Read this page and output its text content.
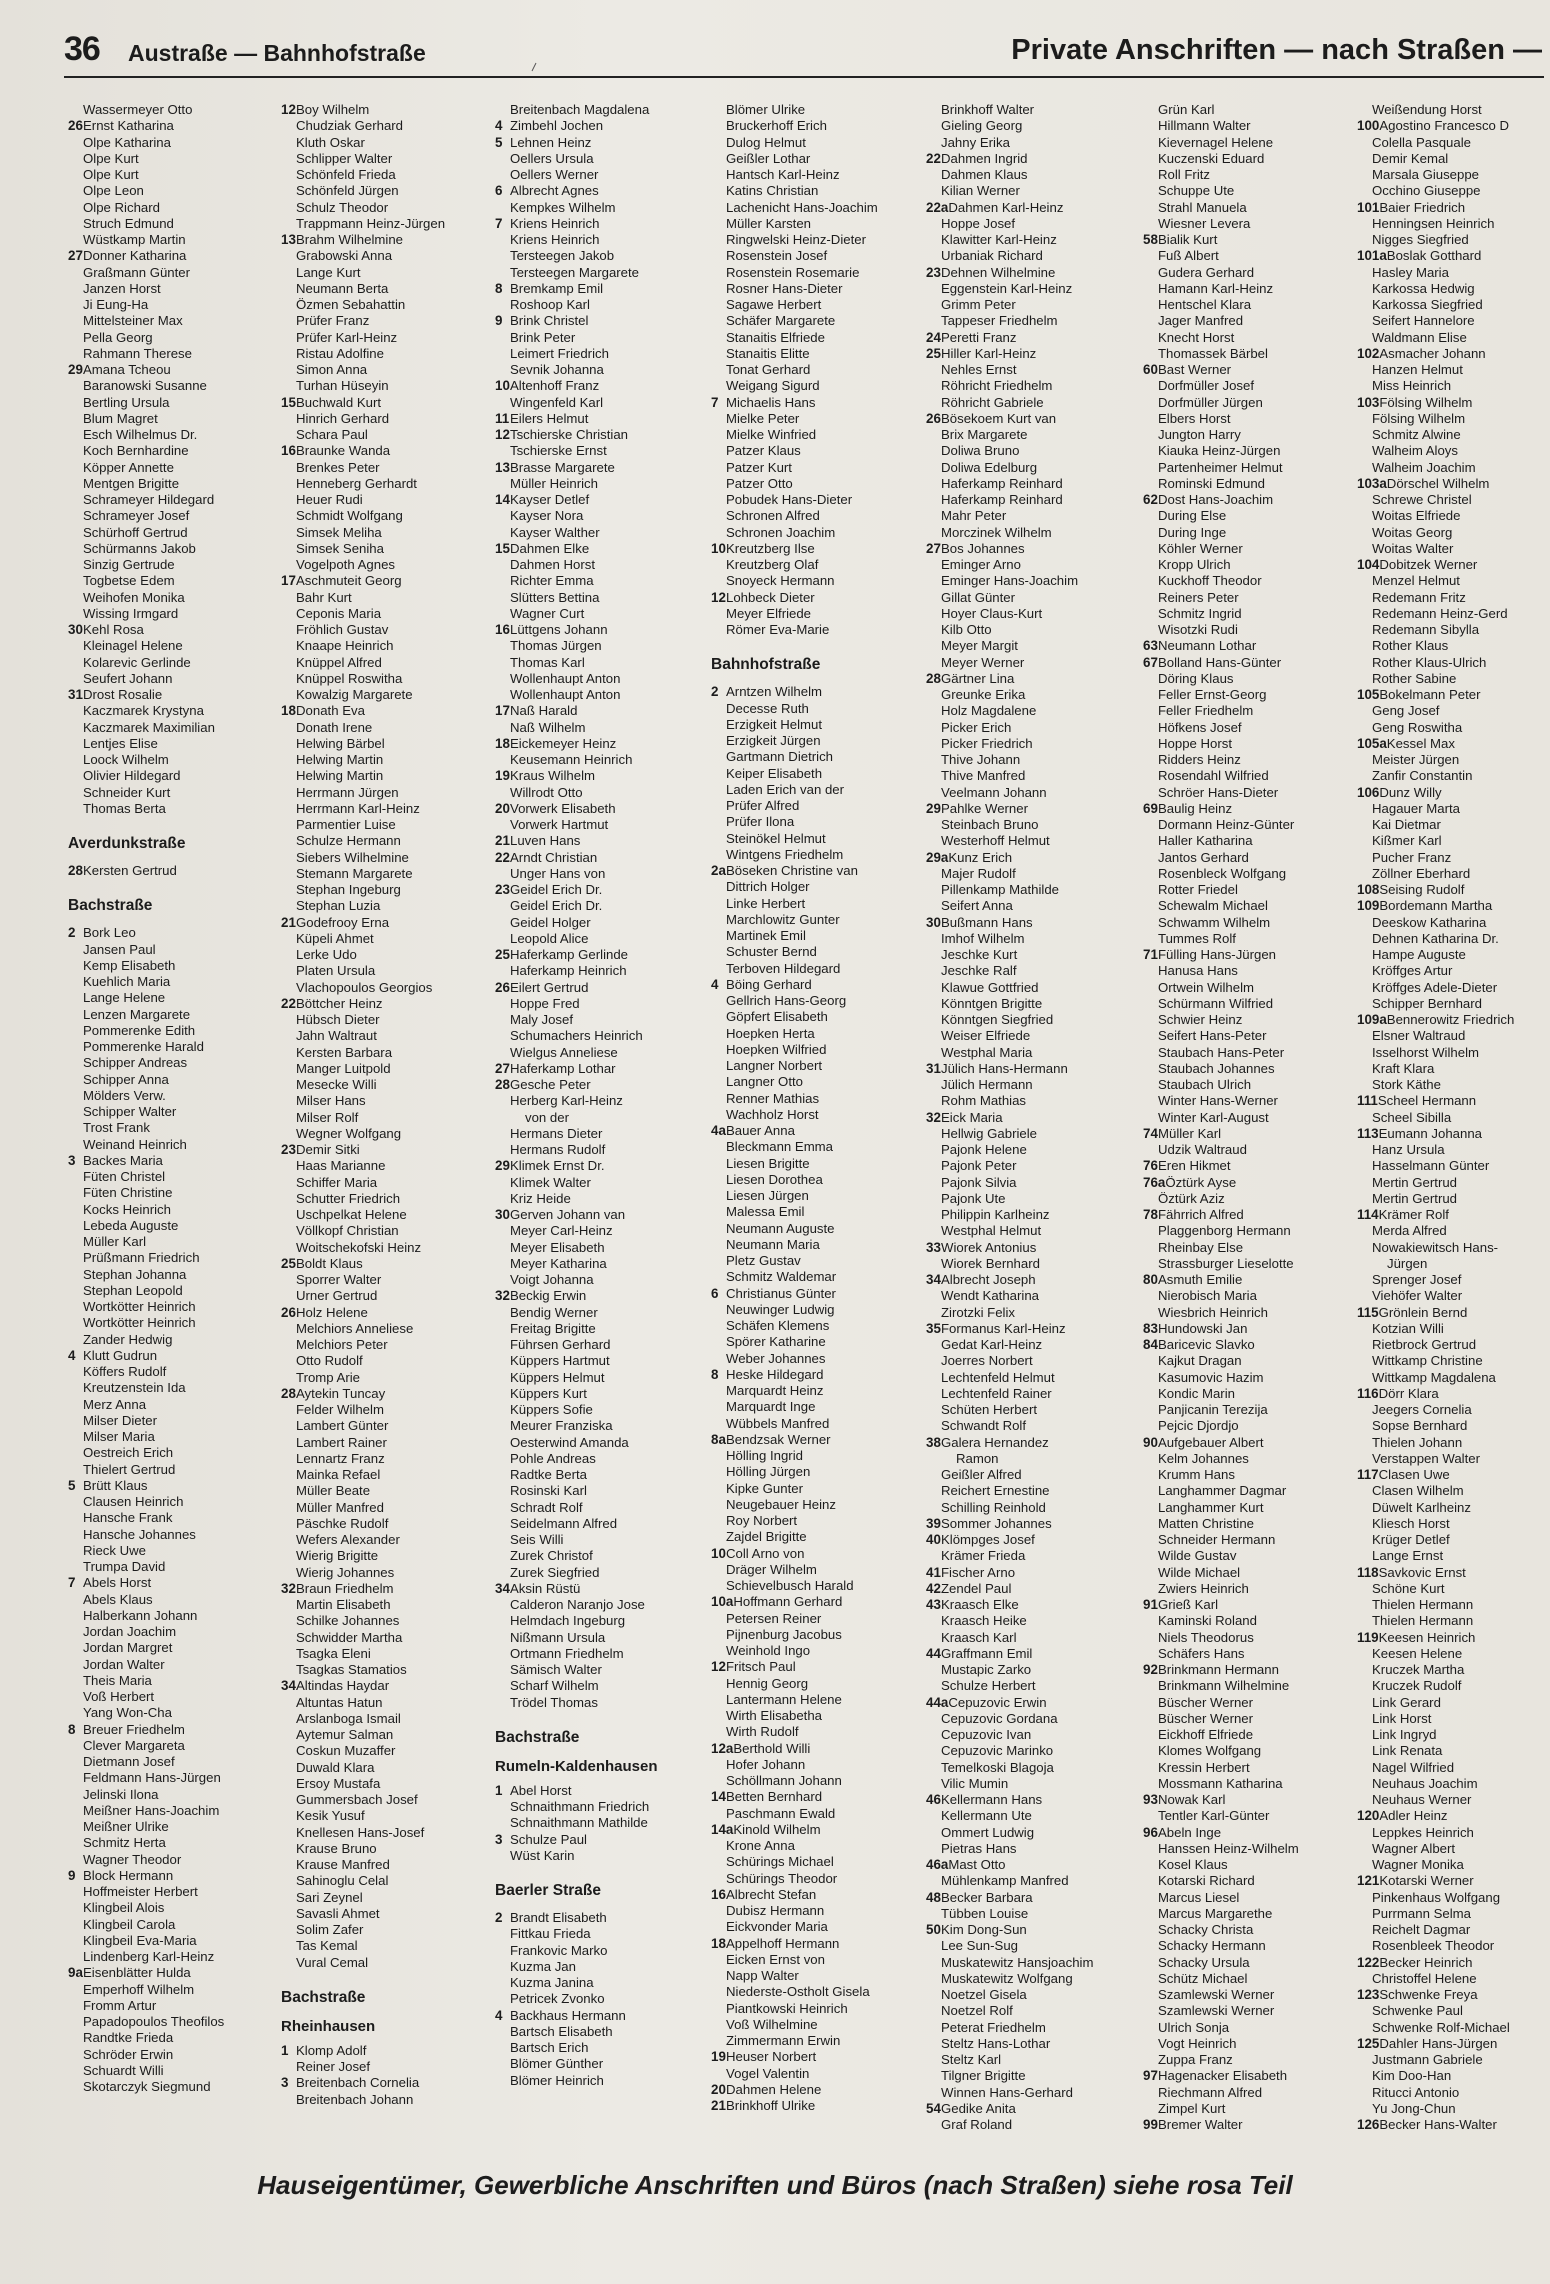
36 Austraße — Bahnhofstraße	Private Anschriften — nach Straßen —
Wassermeyer Otto
26Ernst Katharina
Olpe Katharina
Olpe Kurt
Olpe Kurt
Olpe Leon
Olpe Richard
Struch Edmund
Wüstkamp Martin
27Donner Katharina
Graßmann Günter
Janzen Horst
Ji Eung-Ha
Mittelsteiner Max
Pella Georg
Rahmann Therese
29Amana Tcheou
Baranowski Susanne
Bertling Ursula
Blum Magret
Esch Wilhelmus Dr.
Koch Bernhardine
Köpper Annette
Mentgen Brigitte
Schrameyer Hildegard
Schrameyer Josef
Schürhoff Gertrud
Schürmanns Jakob
Sinzig Gertrude
Togbetse Edem
Weihofen Monika
Wissing Irmgard
30Kehl Rosa
Kleinagel Helene
Kolarevic Gerlinde
Seufert Johann
31Drost Rosalie
Kaczmarek Krystyna
Kaczmarek Maximilian
Lentjes Elise
Loock Wilhelm
Olivier Hildegard
Schneider Kurt
Thomas Berta
Averdunkstraße
28Kersten Gertrud
Bachstraße
2 Bork Leo
Jansen Paul
Kemp Elisabeth
Kuehlich Maria
Lange Helene
Lenzen Margarete
Pommerenke Edith
Pommerenke Harald
Schipper Andreas
Schipper Anna
Mölders Verw.
Schipper Walter
Trost Frank
Weinand Heinrich
3 Backes Maria
Füten Christel
Füten Christine
Kocks Heinrich
Lebeda Auguste
Müller Karl
Prüßmann Friedrich
Stephan Johanna
Stephan Leopold
Wortkötter Heinrich
Wortkötter Heinrich
Zander Hedwig
4 Klutt Gudrun
Köffers Rudolf
Kreutzenstein Ida
Merz Anna
Milser Dieter
Milser Maria
Oestreich Erich
Thielert Gertrud
5 Brütt Klaus
Clausen Heinrich
Hansche Frank
Hansche Johannes
Rieck Uwe
Trumpa David
7 Abels Horst
Abels Klaus
Halberkann Johann
Jordan Joachim
Jordan Margret
Jordan Walter
Theis Maria
Voß Herbert
Yang Won-Cha
8 Breuer Friedhelm
Clever Margareta
Dietmann Josef
Feldmann Hans-Jürgen
Jelinski Ilona
Meißner Hans-Joachim
Meißner Ulrike
Schmitz Herta
Wagner Theodor
9 Block Hermann
Hoffmeister Herbert
Klingbeil Alois
Klingbeil Carola
Klingbeil Eva-Maria
Lindenberg Karl-Heinz
9aEisenblätter Hulda
Emperhoff Wilhelm
Fromm Artur
Papadopoulos Theofilos
Randtke Frieda
Schröder Erwin
Schuardt Willi
Skotarczyk Siegmund
12Boy Wilhelm
Chudziak Gerhard
Kluth Oskar
Schlipper Walter
Schönfeld Frieda
Schönfeld Jürgen
Schulz Theodor
Trappmann Heinz-Jürgen
13Brahm Wilhelmine
Grabowski Anna
Lange Kurt
Neumann Berta
Özmen Sebahattin
Prüfer Franz
Prüfer Karl-Heinz
Ristau Adolfine
Simon Anna
Turhan Hüseyin
15Buchwald Kurt
Hinrich Gerhard
Schara Paul
16Braunke Wanda
Brenkes Peter
Henneberg Gerhardt
Heuer Rudi
Schmidt Wolfgang
Simsek Meliha
Simsek Seniha
Vogelpoth Agnes
17Aschmuteit Georg
Bahr Kurt
Ceponis Maria
Fröhlich Gustav
Knaape Heinrich
Knüppel Alfred
Knüppel Roswitha
Kowalzig Margarete
18Donath Eva
Donath Irene
Helwing Bärbel
Helwing Martin
Helwing Martin
Herrmann Jürgen
Herrmann Karl-Heinz
Parmentier Luise
Schulze Hermann
Siebers Wilhelmine
Stemann Margarete
Stephan Ingeburg
Stephan Luzia
21Godefrooy Erna
Küpeli Ahmet
Lerke Udo
Platen Ursula
Vlachopoulos Georgios
22Böttcher Heinz
Hübsch Dieter
Jahn Waltraut
Kersten Barbara
Manger Luitpold
Mesecke Willi
Milser Hans
Milser Rolf
Wegner Wolfgang
23Demir Sitki
Haas Marianne
Schiffer Maria
Schutter Friedrich
Uschpelkat Helene
Völlkopf Christian
Woitschekofski Heinz
25Boldt Klaus
Sporrer Walter
Urner Gertrud
26Holz Helene
Melchiors Anneliese
Melchiors Peter
Otto Rudolf
Tromp Arie
28Aytekin Tuncay
Felder Wilhelm
Lambert Günter
Lambert Rainer
Lennartz Franz
Mainka Refael
Müller Beate
Müller Manfred
Päschke Rudolf
Wefers Alexander
Wierig Brigitte
Wierig Johannes
32Braun Friedhelm
Martin Elisabeth
Schilke Johannes
Schwidder Martha
Tsagka Eleni
Tsagkas Stamatios
34Altindas Haydar
Altuntas Hatun
Arslanboga Ismail
Aytemur Salman
Coskun Muzaffer
Duwald Klara
Ersoy Mustafa
Gummersbach Josef
Kesik Yusuf
Knellesen Hans-Josef
Krause Bruno
Krause Manfred
Sahinoglu Celal
Sari Zeynel
Savasli Ahmet
Solim Zafer
Tas Kemal
Vural Cemal
Bachstraße
Rheinhausen
1 Klomp Adolf
Reiner Josef
3 Breitenbach Cornelia
Breitenbach Johann
Breitenbach Magdalena
4 Zimbehl Jochen
5 Lehnen Heinz
Oellers Ursula
Oellers Werner
6 Albrecht Agnes
Kempkes Wilhelm
7 Kriens Heinrich
Kriens Heinrich
Tersteegen Jakob
Tersteegen Margarete
8 Bremkamp Emil
Roshoop Karl
9 Brink Christel
Brink Peter
Leimert Friedrich
Sevnik Johanna
10Altenhoff Franz
Wingenfeld Karl
11Eilers Helmut
12Tschierske Christian
Tschierske Ernst
13Brasse Margarete
Müller Heinrich
14Kayser Detlef
Kayser Nora
Kayser Walther
15Dahmen Elke
Dahmen Horst
Richter Emma
Slütters Bettina
Wagner Curt
16Lüttgens Johann
Thomas Jürgen
Thomas Karl
Wollenhaupt Anton
Wollenhaupt Anton
17Naß Harald
Naß Wilhelm
18Eickemeyer Heinz
Keusemann Heinrich
19Kraus Wilhelm
Willrodt Otto
20Vorwerk Elisabeth
Vorwerk Hartmut
21Luven Hans
22Arndt Christian
Unger Hans von
23Geidel Erich Dr.
Geidel Erich Dr.
Geidel Holger
Leopold Alice
25Haferkamp Gerlinde
Haferkamp Heinrich
26Eilert Gertrud
Hoppe Fred
Maly Josef
Schumachers Heinrich
Wielgus Anneliese
27Haferkamp Lothar
28Gesche Peter
Herberg Karl-Heinz
von der
Hermans Dieter
Hermans Rudolf
29Klimek Ernst Dr.
Klimek Walter
Kriz Heide
30Gerven Johann van
Meyer Carl-Heinz
Meyer Elisabeth
Meyer Katharina
Voigt Johanna
32Beckig Erwin
Bendig Werner
Freitag Brigitte
Führsen Gerhard
Küppers Hartmut
Küppers Helmut
Küppers Kurt
Küppers Sofie
Meurer Franziska
Oesterwind Amanda
Pohle Andreas
Radtke Berta
Rosinski Karl
Schradt Rolf
Seidelmann Alfred
Seis Willi
Zurek Christof
Zurek Siegfried
34Aksin Rüstü
Calderon Naranjo Jose
Helmdach Ingeburg
Nißmann Ursula
Ortmann Friedhelm
Sämisch Walter
Scharf Wilhelm
Trödel Thomas
Bachstraße
Rumeln-Kaldenhausen
1 Abel Horst
Schnaithmann Friedrich
Schnaithmann Mathilde
3 Schulze Paul
Wüst Karin
Baerler Straße
2 Brandt Elisabeth
Fittkau Frieda
Frankovic Marko
Kuzma Jan
Kuzma Janina
Petricek Zvonko
4 Backhaus Hermann
Bartsch Elisabeth
Bartsch Erich
Blömer Günther
Blömer Heinrich
Blömer Ulrike
Bruckerhoff Erich
Dulog Helmut
Geißler Lothar
Hantsch Karl-Heinz
Katins Christian
Lachenicht Hans-Joachim
Müller Karsten
Ringwelski Heinz-Dieter
Rosenstein Josef
Rosenstein Rosemarie
Rosner Hans-Dieter
Sagawe Herbert
Schäfer Margarete
Stanaitis Elfriede
Stanaitis Elitte
Tonat Gerhard
Weigang Sigurd
7 Michaelis Hans
Mielke Peter
Mielke Winfried
Patzer Klaus
Patzer Kurt
Patzer Otto
Pobudek Hans-Dieter
Schronen Alfred
Schronen Joachim
10Kreutzberg Ilse
Kreutzberg Olaf
Snoyeck Hermann
12Lohbeck Dieter
Meyer Elfriede
Römer Eva-Marie
Bahnhofstraße
2 Arntzen Wilhelm
Decesse Ruth
Erzigkeit Helmut
Erzigkeit Jürgen
Gartmann Dietrich
Keiper Elisabeth
Laden Erich van der
Prüfer Alfred
Prüfer Ilona
Steinökel Helmut
Wintgens Friedhelm
2aBöseken Christine van
Dittrich Holger
Linke Herbert
Marchlowitz Gunter
Martinek Emil
Schuster Bernd
Terboven Hildegard
4 Böing Gerhard
Gellrich Hans-Georg
Göpfert Elisabeth
Hoepken Herta
Hoepken Wilfried
Langner Norbert
Langner Otto
Renner Mathias
Wachholz Horst
4aBauer Anna
Bleckmann Emma
Liesen Brigitte
Liesen Dorothea
Liesen Jürgen
Malessa Emil
Neumann Auguste
Neumann Maria
Pletz Gustav
Schmitz Waldemar
6 Christianus Günter
Neuwinger Ludwig
Schäfen Klemens
Spörer Katharine
Weber Johannes
8 Heske Hildegard
Marquardt Heinz
Marquardt Inge
Wübbels Manfred
8aBendzsak Werner
Hölling Ingrid
Hölling Jürgen
Kipke Gunter
Neugebauer Heinz
Roy Norbert
Zajdel Brigitte
10Coll Arno von
Dräger Wilhelm
Schievelbusch Harald
10aHoffmann Gerhard
Petersen Reiner
Pijnenburg Jacobus
Weinhold Ingo
12Fritsch Paul
Hennig Georg
Lantermann Helene
Wirth Elisabetha
Wirth Rudolf
12aBerthold Willi
Hofer Johann
Schöllmann Johann
14Betten Bernhard
Paschmann Ewald
14aKinold Wilhelm
Krone Anna
Schürings Michael
Schürings Theodor
16Albrecht Stefan
Dubisz Hermann
Eickvonder Maria
18Appelhoff Hermann
Eicken Ernst von
Napp Walter
Niederste-Ostholt Gisela
Piantkowski Heinrich
Voß Wilhelmine
Zimmermann Erwin
19Heuser Norbert
Vogel Valentin
20Dahmen Helene
21Brinkhoff Ulrike
Brinkhoff Walter
Gieling Georg
Jahny Erika
22Dahmen Ingrid
Dahmen Klaus
Kilian Werner
22aDahmen Karl-Heinz
Hoppe Josef
Klawitter Karl-Heinz
Urbaniak Richard
23Dehnen Wilhelmine
Eggenstein Karl-Heinz
Grimm Peter
Tappeser Friedhelm
24Peretti Franz
25Hiller Karl-Heinz
Nehles Ernst
Röhricht Friedhelm
Röhricht Gabriele
26Bösekoem Kurt van
Brix Margarete
Doliwa Bruno
Doliwa Edelburg
Haferkamp Reinhard
Haferkamp Reinhard
Mahr Peter
Morczinek Wilhelm
27Bos Johannes
Eminger Arno
Eminger Hans-Joachim
Gillat Günter
Hoyer Claus-Kurt
Kilb Otto
Meyer Margit
Meyer Werner
28Gärtner Lina
Greunke Erika
Holz Magdalene
Picker Erich
Picker Friedrich
Thive Johann
Thive Manfred
Veelmann Johann
29Pahlke Werner
Steinbach Bruno
Westerhoff Helmut
29aKunz Erich
Majer Rudolf
Pillenkamp Mathilde
Seifert Anna
30Bußmann Hans
Imhof Wilhelm
Jeschke Kurt
Jeschke Ralf
Klawue Gottfried
Könntgen Brigitte
Könntgen Siegfried
Weiser Elfriede
Westphal Maria
31Jülich Hans-Hermann
Jülich Hermann
Rohm Mathias
32Eick Maria
Hellwig Gabriele
Pajonk Helene
Pajonk Peter
Pajonk Silvia
Pajonk Ute
Philippin Karlheinz
Westphal Helmut
33Wiorek Antonius
Wiorek Bernhard
34Albrecht Joseph
Wendt Katharina
Zirotzki Felix
35Formanus Karl-Heinz
Gedat Karl-Heinz
Joerres Norbert
Lechtenfeld Helmut
Lechtenfeld Rainer
Schüten Herbert
Schwandt Rolf
38Galera Hernandez
Ramon
Geißler Alfred
Reichert Ernestine
Schilling Reinhold
39Sommer Johannes
40Klömpges Josef
Krämer Frieda
41Fischer Arno
42Zendel Paul
43Kraasch Elke
Kraasch Heike
Kraasch Karl
44Graffmann Emil
Mustapic Zarko
Schulze Herbert
44aCepuzovic Erwin
Cepuzovic Gordana
Cepuzovic Ivan
Cepuzovic Marinko
Temelkoski Blagoja
Vilic Mumin
46Kellermann Hans
Kellermann Ute
Ommert Ludwig
Pietras Hans
46aMast Otto
Mühlenkamp Manfred
48Becker Barbara
Tübben Louise
50Kim Dong-Sun
Lee Sun-Sug
Muskatewitz Hansjoachim
Muskatewitz Wolfgang
Noetzel Gisela
Noetzel Rolf
Peterat Friedhelm
Steltz Hans-Lothar
Steltz Karl
Tilgner Brigitte
Winnen Hans-Gerhard
54Gedike Anita
Graf Roland
Grün Karl
Hillmann Walter
Kievernagel Helene
Kuczenski Eduard
Roll Fritz
Schuppe Ute
Strahl Manuela
Wiesner Levera
58Bialik Kurt
Fuß Albert
Gudera Gerhard
Hamann Karl-Heinz
Hentschel Klara
Jager Manfred
Knecht Horst
Thomassek Bärbel
60Bast Werner
Dorfmüller Josef
Dorfmüller Jürgen
Elbers Horst
Jungton Harry
Kiauka Heinz-Jürgen
Partenheimer Helmut
Rominski Edmund
62Dost Hans-Joachim
During Else
During Inge
Köhler Werner
Kropp Ulrich
Kuckhoff Theodor
Reiners Peter
Schmitz Ingrid
Wisotzki Rudi
63Neumann Lothar
67Bolland Hans-Günter
Döring Klaus
Feller Ernst-Georg
Feller Friedhelm
Höfkens Josef
Hoppe Horst
Ridders Heinz
Rosendahl Wilfried
Schröer Hans-Dieter
69Baulig Heinz
Dormann Heinz-Günter
Haller Katharina
Jantos Gerhard
Rosenbleck Wolfgang
Rotter Friedel
Schewalm Michael
Schwamm Wilhelm
Tummes Rolf
71Fülling Hans-Jürgen
Hanusa Hans
Ortwein Wilhelm
Schürmann Wilfried
Schwier Heinz
Seifert Hans-Peter
Staubach Hans-Peter
Staubach Johannes
Staubach Ulrich
Winter Hans-Werner
Winter Karl-August
74Müller Karl
Udzik Waltraud
76Eren Hikmet
76aÖztürk Ayse
Öztürk Aziz
78Fährrich Alfred
Plaggenborg Hermann
Rheinbay Else
Strassburger Lieselotte
80Asmuth Emilie
Nierobisch Maria
Wiesbrich Heinrich
83Hundowski Jan
84Baricevic Slavko
Kajkut Dragan
Kasumovic Hazim
Kondic Marin
Panjicanin Terezija
Pejcic Djordjo
90Aufgebauer Albert
Kelm Johannes
Krumm Hans
Langhammer Dagmar
Langhammer Kurt
Matten Christine
Schneider Hermann
Wilde Gustav
Wilde Michael
Zwiers Heinrich
91Grieß Karl
Kaminski Roland
Niels Theodorus
Schäfers Hans
92Brinkmann Hermann
Brinkmann Wilhelmine
Büscher Werner
Büscher Werner
Eickhoff Elfriede
Klomes Wolfgang
Kressin Herbert
Mossmann Katharina
93Nowak Karl
Tentler Karl-Günter
96Abeln Inge
Hanssen Heinz-Wilhelm
Kosel Klaus
Kotarski Richard
Marcus Liesel
Marcus Margarethe
Schacky Christa
Schacky Hermann
Schacky Ursula
Schütz Michael
Szamlewski Werner
Szamlewski Werner
Ulrich Sonja
Vogt Heinrich
Zuppa Franz
97Hagenacker Elisabeth
Riechmann Alfred
Zimpel Kurt
99Bremer Walter
Weißendung Horst
100Agostino Francesco D
Colella Pasquale
Demir Kemal
Marsala Giuseppe
Occhino Giuseppe
101Baier Friedrich
Henningsen Heinrich
Nigges Siegfried
101aBoslak Gotthard
Hasley Maria
Karkossa Hedwig
Karkossa Siegfried
Seifert Hannelore
Waldmann Elise
102Asmacher Johann
Hanzen Helmut
Miss Heinrich
103Fölsing Wilhelm
Fölsing Wilhelm
Schmitz Alwine
Walheim Aloys
Walheim Joachim
103aDörschel Wilhelm
Schrewe Christel
Woitas Elfriede
Woitas Georg
Woitas Walter
104Dobitzek Werner
Menzel Helmut
Redemann Fritz
Redemann Heinz-Gerd
Redemann Sibylla
Rother Klaus
Rother Klaus-Ulrich
Rother Sabine
105Bokelmann Peter
Geng Josef
Geng Roswitha
105aKessel Max
Meister Jürgen
Zanfir Constantin
106Dunz Willy
Hagauer Marta
Kai Dietmar
Kißmer Karl
Pucher Franz
Zöllner Eberhard
108Seising Rudolf
109Bordemann Martha
Deeskow Katharina
Dehnen Katharina Dr.
Hampe Auguste
Kröffges Artur
Kröffges Adele-Dieter
Schipper Bernhard
109aBennerowitz Friedrich
Elsner Waltraud
Isselhorst Wilhelm
Kraft Klara
Stork Käthe
111Scheel Hermann
Scheel Sibilla
113Eumann Johanna
Hanz Ursula
Hasselmann Günter
Mertin Gertrud
Mertin Gertrud
114Krämer Rolf
Merda Alfred
Nowakiewitsch Hans-
Jürgen
Sprenger Josef
Viehöfer Walter
115Grönlein Bernd
Kotzian Willi
Rietbrock Gertrud
Wittkamp Christine
Wittkamp Magdalena
116Dörr Klara
Jeegers Cornelia
Sopse Bernhard
Thielen Johann
Verstappen Walter
117Clasen Uwe
Clasen Wilhelm
Düwelt Karlheinz
Kliesch Horst
Krüger Detlef
Lange Ernst
118Savkovic Ernst
Schöne Kurt
Thielen Hermann
Thielen Hermann
119Keesen Heinrich
Keesen Helene
Kruczek Martha
Kruczek Rudolf
Link Gerard
Link Horst
Link Ingryd
Link Renata
Nagel Wilfried
Neuhaus Joachim
Neuhaus Werner
120Adler Heinz
Leppkes Heinrich
Wagner Albert
Wagner Monika
121Kotarski Werner
Pinkenhaus Wolfgang
Purrmann Selma
Reichelt Dagmar
Rosenbleek Theodor
122Becker Heinrich
Christoffel Helene
123Schwenke Freya
Schwenke Paul
Schwenke Rolf-Michael
125Dahler Hans-Jürgen
Justmann Gabriele
Kim Doo-Han
Ritucci Antonio
Yu Jong-Chun
126Becker Hans-Walter
Hauseigentümer, Gewerbliche Anschriften und Büros (nach Straßen) siehe rosa Teil
